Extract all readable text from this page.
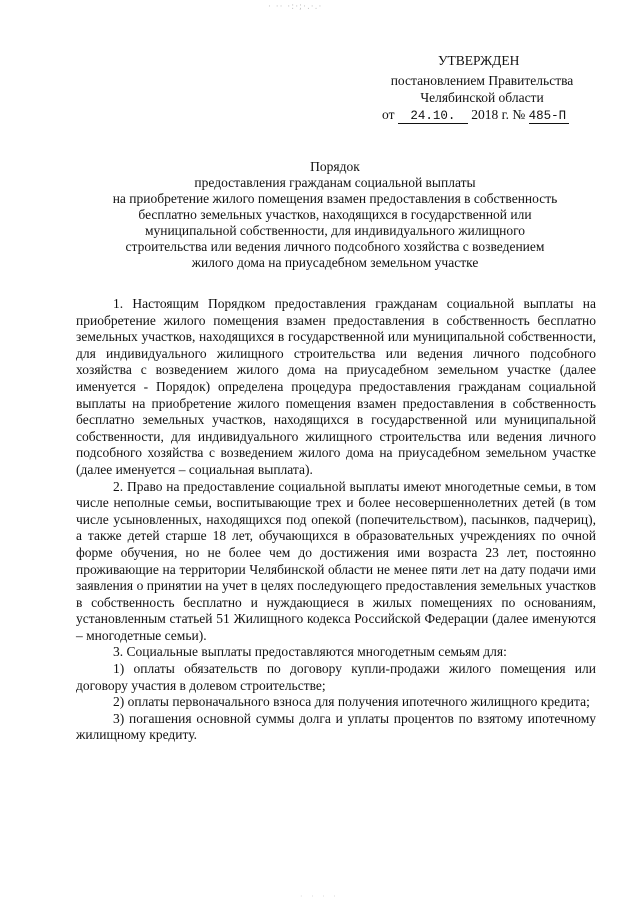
· ·· ·:·;·.·.·
УТВЕРЖДЕН
постановлением Правительства
Челябинской области
от 24.10. 2018 г. № 485-П

Порядок

предоставления гражданам социальной выплаты

на приобретение жилого помещения взамен предоставления в собственность

бесплатно земельных участков, находящихся в государственной или

муниципальной собственности, для индивидуального жилищного

строительства или ведения личного подсобного хозяйства с возведением

жилого дома на приусадебном земельном участке

1. Настоящим Порядком предоставления гражданам социальной выплаты на приобретение жилого помещения взамен предоставления в собственность бесплатно земельных участков, находящихся в государственной или муниципальной собственности, для индивидуального жилищного строительства или ведения личного подсобного хозяйства с возведением жилого дома на приусадебном земельном участке (далее именуется - Порядок) определена процедура предоставления гражданам социальной выплаты на приобретение жилого помещения взамен предоставления в собственность бесплатно земельных участков, находящихся в государственной или муниципальной собственности, для индивидуального жилищного строительства или ведения личного подсобного хозяйства с возведением жилого дома на приусадебном земельном участке (далее именуется – социальная выплата).

2. Право на предоставление социальной выплаты имеют многодетные семьи, в том числе неполные семьи, воспитывающие трех и более несовершеннолетних детей (в том числе усыновленных, находящихся под опекой (попечительством), пасынков, падчериц), а также детей старше 18 лет, обучающихся в образовательных учреждениях по очной форме обучения, но не более чем до достижения ими возраста 23 лет, постоянно проживающие на территории Челябинской области не менее пяти лет на дату подачи ими заявления о принятии на учет в целях последующего предоставления земельных участков в собственность бесплатно и нуждающиеся в жилых помещениях по основаниям, установленным статьей 51 Жилищного кодекса Российской Федерации (далее именуются – многодетные семьи).

3. Социальные выплаты предоставляются многодетным семьям для:

1) оплаты обязательств по договору купли-продажи жилого помещения или договору участия в долевом строительстве;

2) оплаты первоначального взноса для получения ипотечного жилищного кредита;

3) погашения основной суммы долга и уплаты процентов по взятому ипотечному жилищному кредиту.

· · · ·
